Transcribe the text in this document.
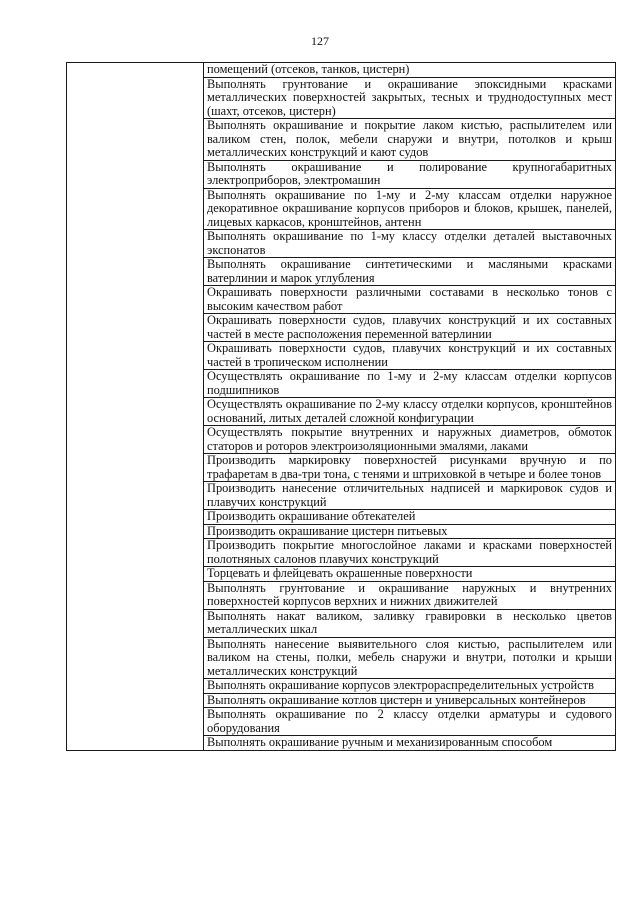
127
	помещений (отсеков, танков, цистерн)
Выполнять грунтование и окрашивание эпоксидными красками металлических поверхностей закрытых, тесных и труднодоступных мест (шахт, отсеков, цистерн)
Выполнять окрашивание и покрытие лаком кистью, распылителем или валиком стен, полок, мебели снаружи и внутри, потолков и крыш металлических конструкций и кают судов
Выполнять окрашивание и полирование крупногабаритных электроприборов, электромашин
Выполнять окрашивание по 1-му и 2-му классам отделки наружное декоративное окрашивание корпусов приборов и блоков, крышек, панелей, лицевых каркасов, кронштейнов, антенн
Выполнять окрашивание по 1-му классу отделки деталей выставочных экспонатов
Выполнять окрашивание синтетическими и масляными красками ватерлинии и марок углубления
Окрашивать поверхности различными составами в несколько тонов с высоким качеством работ
Окрашивать поверхности судов, плавучих конструкций и их составных частей в месте расположения переменной ватерлинии
Окрашивать поверхности судов, плавучих конструкций и их составных частей в тропическом исполнении
Осуществлять окрашивание по 1-му и 2-му классам отделки корпусов подшипников
Осуществлять окрашивание по 2-му классу отделки корпусов, кронштейнов оснований, литых деталей сложной конфигурации
Осуществлять покрытие внутренних и наружных диаметров, обмоток статоров и роторов электроизоляционными эмалями, лаками
Производить маркировку поверхностей рисунками вручную и по трафаретам в два-три тона, с тенями и штриховкой в четыре и более тонов
Производить нанесение отличительных надписей и маркировок судов и плавучих конструкций
Производить окрашивание обтекателей
Производить окрашивание цистерн питьевых
Производить покрытие многослойное лаками и красками поверхностей полотняных салонов плавучих конструкций
Торцевать и флейцевать окрашенные поверхности
Выполнять грунтование и окрашивание наружных и внутренних поверхностей корпусов верхних и нижних движителей
Выполнять накат валиком, заливку гравировки в несколько цветов металлических шкал
Выполнять нанесение выявительного слоя кистью, распылителем или валиком на стены, полки, мебель снаружи и внутри, потолки и крыши металлических конструкций
Выполнять окрашивание корпусов электрораспределительных устройств
Выполнять окрашивание котлов цистерн и универсальных контейнеров
Выполнять окрашивание по 2 классу отделки арматуры и судового оборудования
Выполнять окрашивание ручным и механизированным способом
